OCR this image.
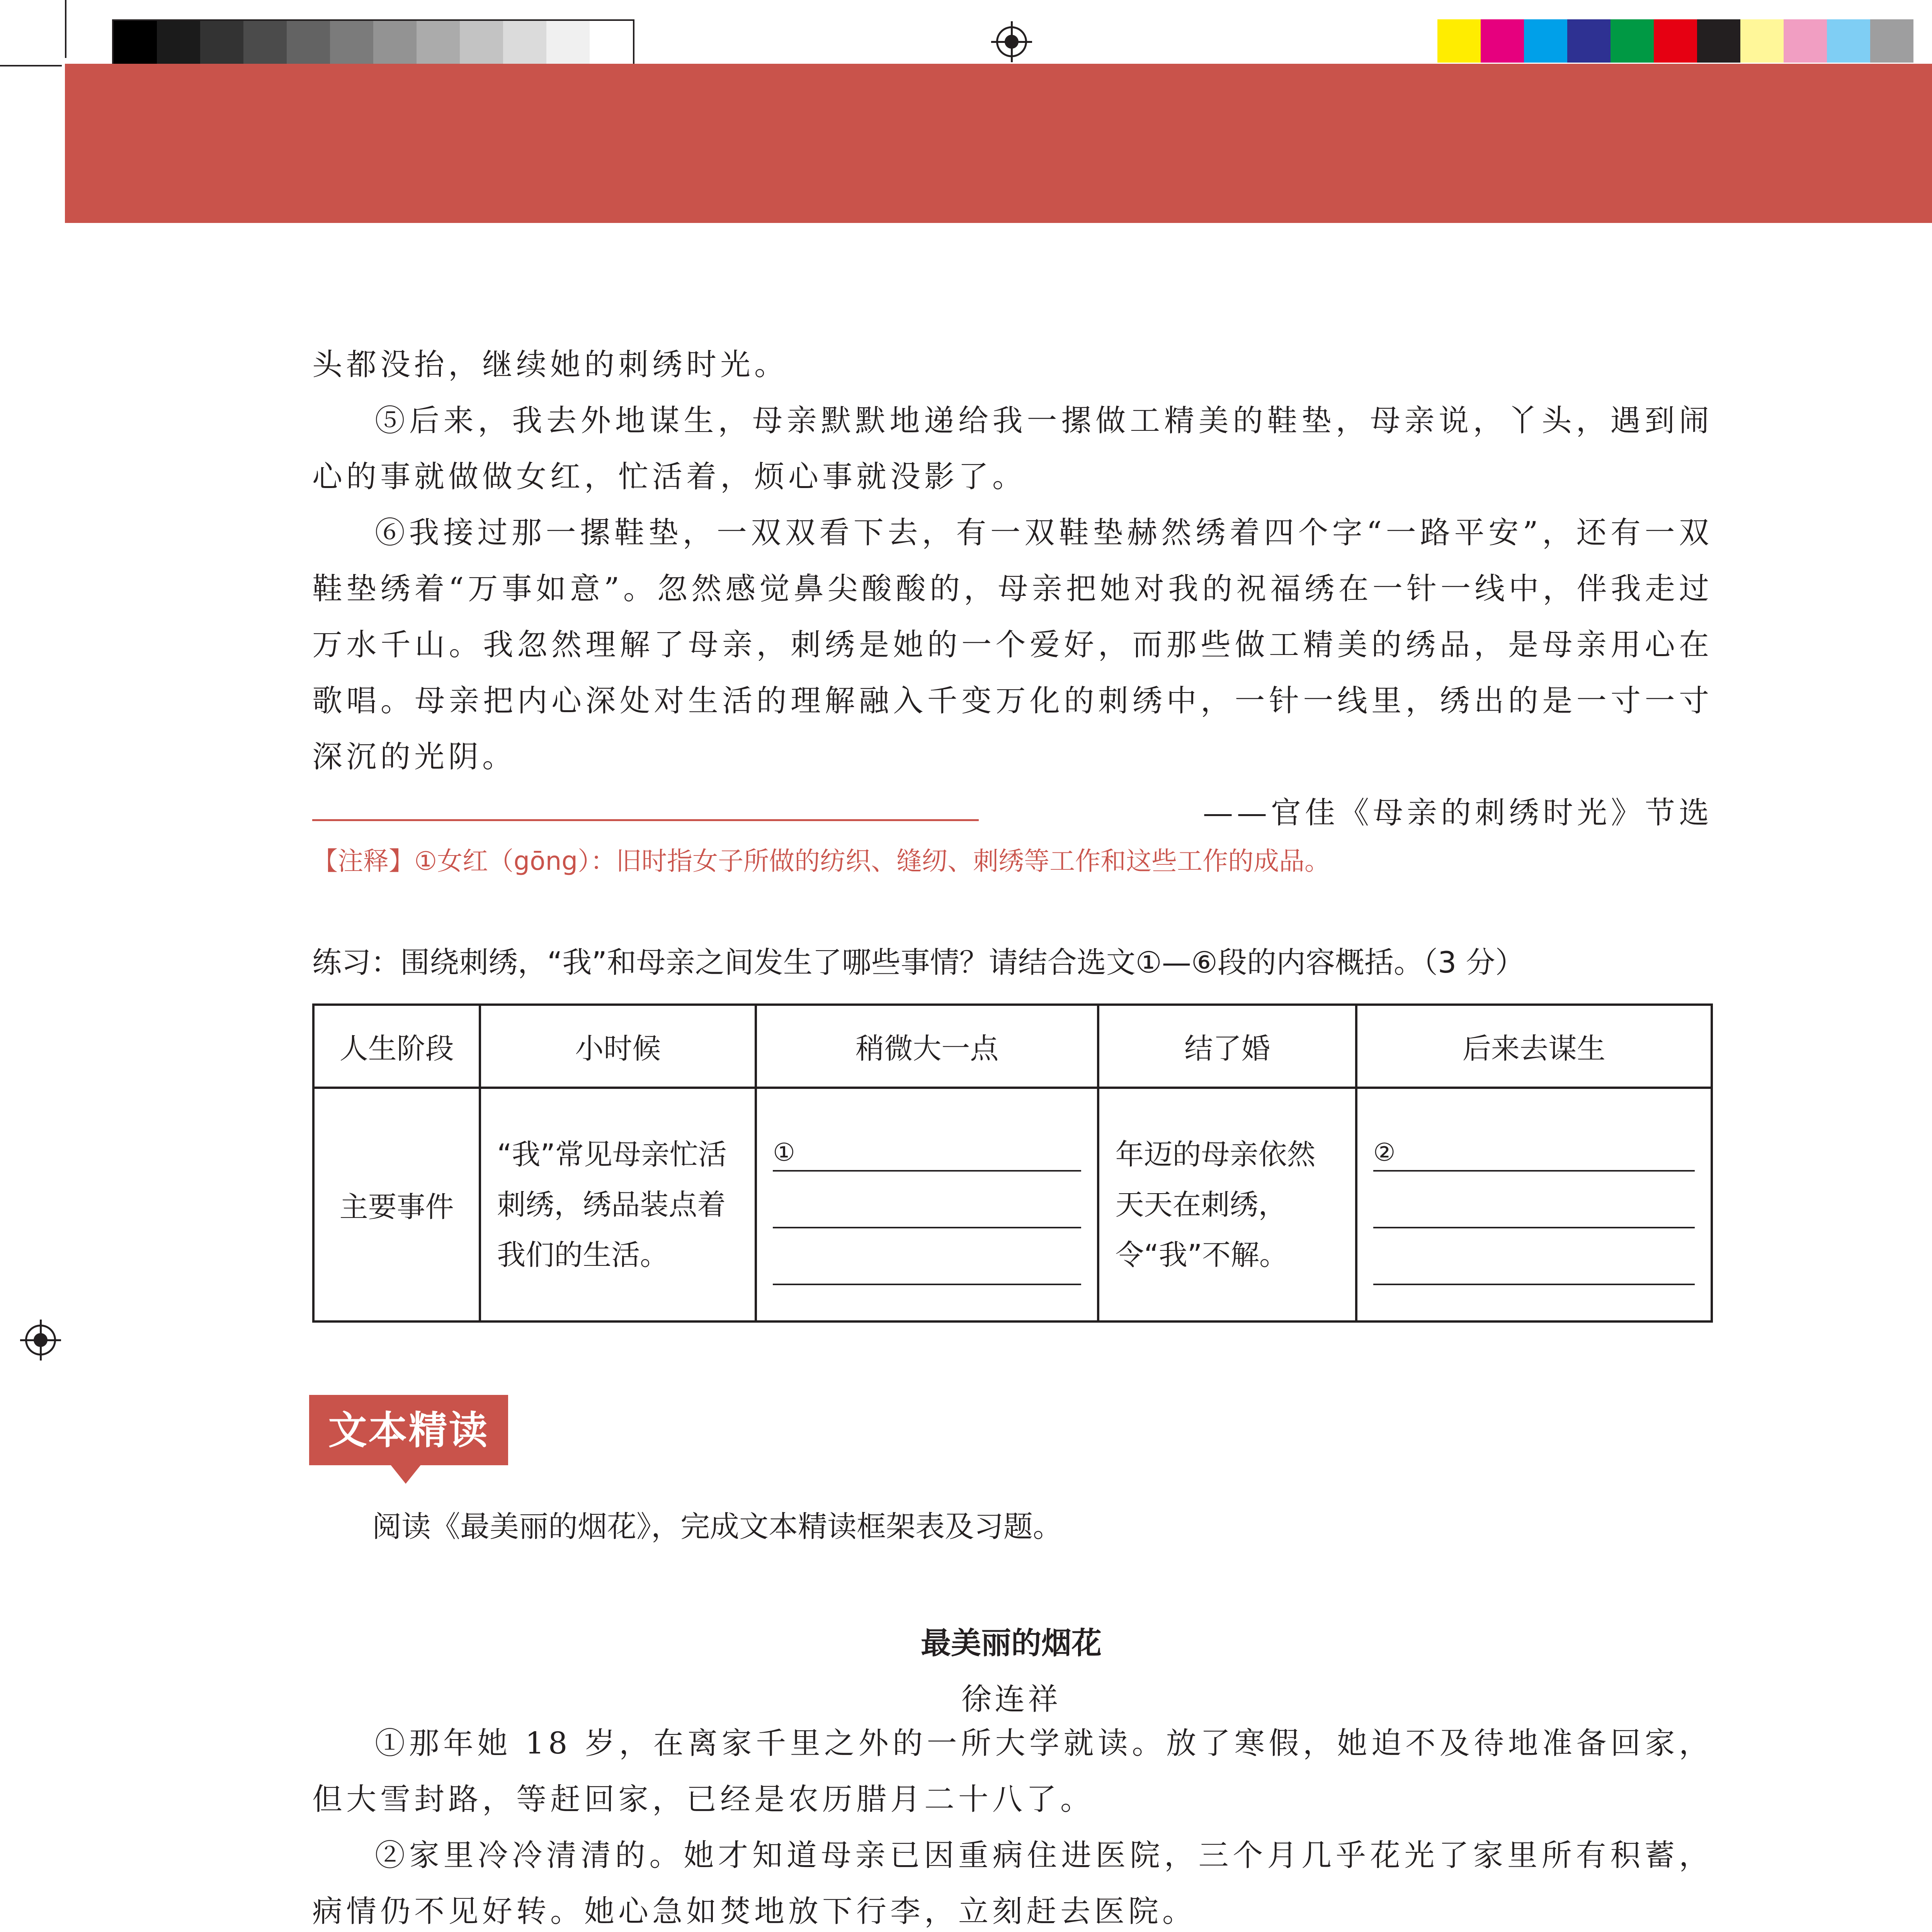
头都没抬，继续她的刺绣时光。

⑤后来，我去外地谋生，母亲默默地递给我一摞做工精美的鞋垫，母亲说，丫头，遇到闹心的事就做做女红，忙活着，烦心事就没影了。

⑥我接过那一摞鞋垫，一双双看下去，有一双鞋垫赫然绣着四个字“一路平安”，还有一双鞋垫绣着“万事如意”。忽然感觉鼻尖酸酸的，母亲把她对我的祝福绣在一针一线中，伴我走过万水千山。我忽然理解了母亲，刺绣是她的一个爱好，而那些做工精美的绣品，是母亲用心在歌唱。母亲把内心深处对生活的理解融入千变万化的刺绣中，一针一线里，绣出的是一寸一寸深沉的光阴。

——官佳《母亲的刺绣时光》节选

【注释】①女红（gōng）：旧时指女子所做的纺织、缝纫、刺绣等工作和这些工作的成品。
练习：围绕刺绣，“我”和母亲之间发生了哪些事情？请结合选文①—⑥段的内容概括。（3 分）
人生阶段	小时候	稍微大一点	结了婚	后来去谋生
主要事件	“我”常见母亲忙活刺绣，绣品装点着我们的生活。	①	年迈的母亲依然天天在刺绣，令“我”不解。	②
文本精读
阅读《最美丽的烟花》，完成文本精读框架表及习题。
最美丽的烟花
徐连祥

①那年她 18 岁，在离家千里之外的一所大学就读。放了寒假，她迫不及待地准备回家，但大雪封路，等赶回家，已经是农历腊月二十八了。

②家里冷冷清清的。她才知道母亲已因重病住进医院，三个月几乎花光了家里所有积蓄，病情仍不见好转。她心急如焚地放下行李，立刻赶去医院。
